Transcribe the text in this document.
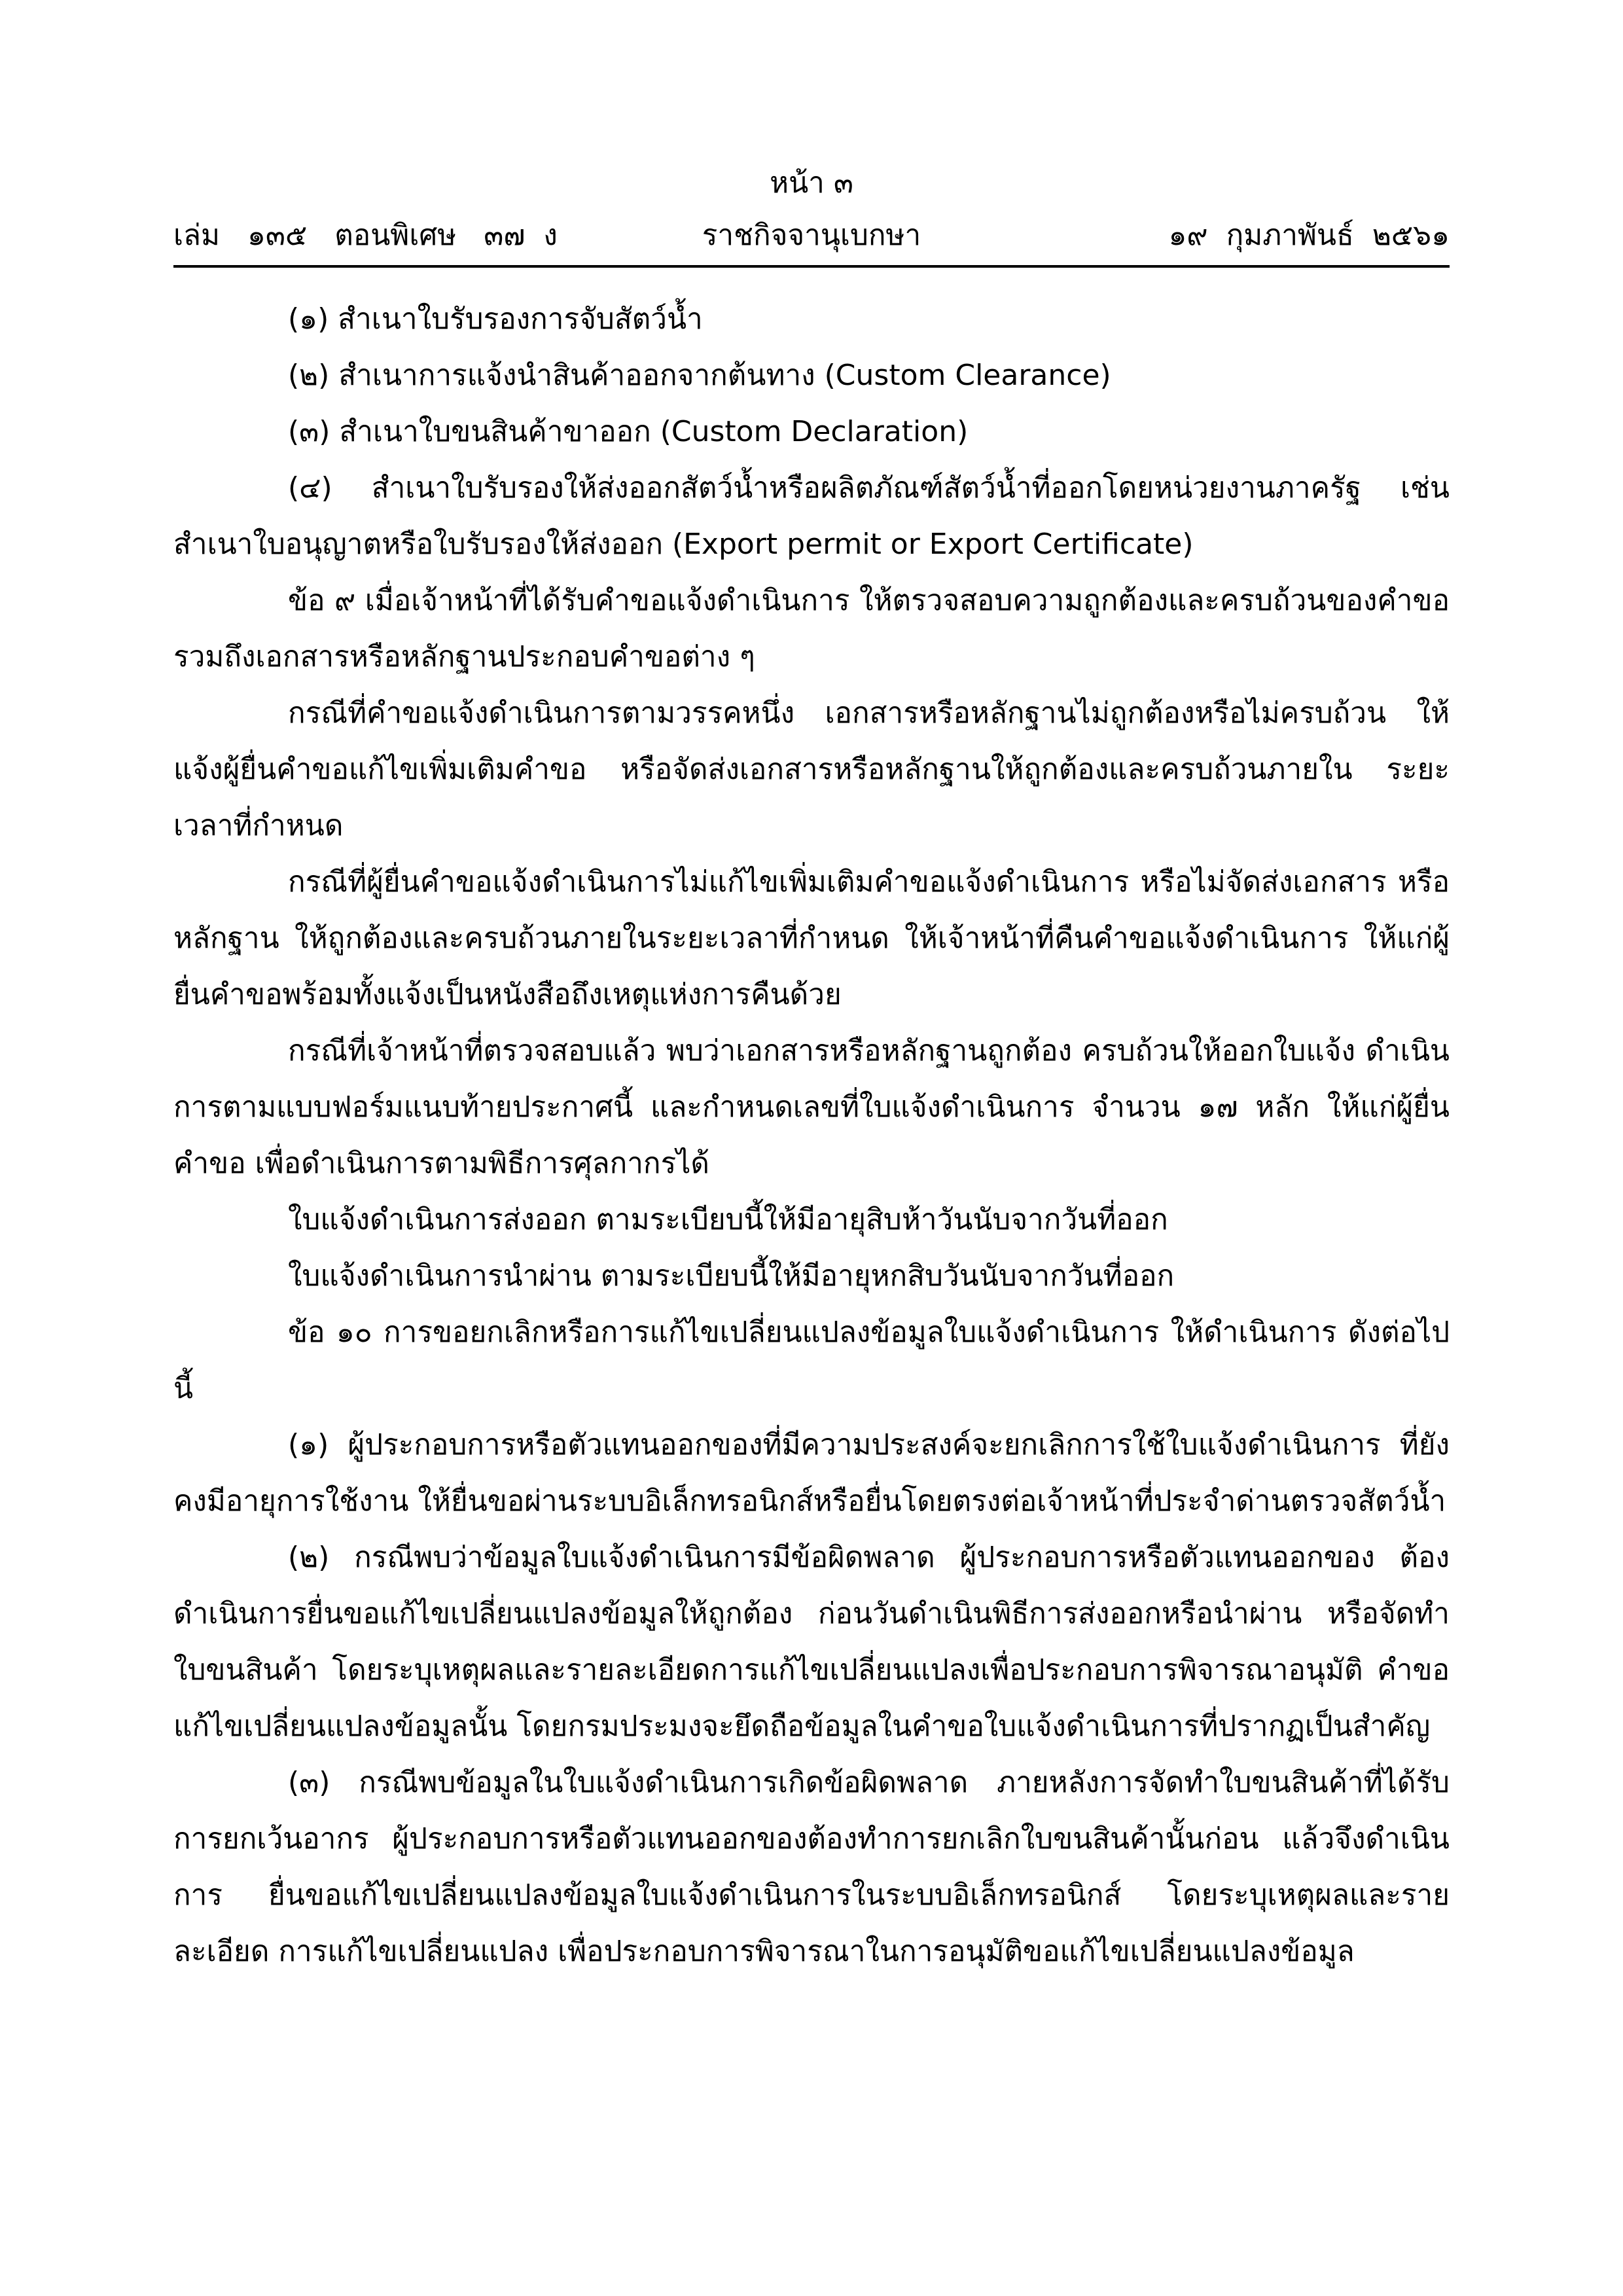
หน้า ๓
ราชกิจจานุเบกษา
เล่ม   ๑๓๕   ตอนพิเศษ   ๓๗  ง	๑๙  กุมภาพันธ์  ๒๕๖๑

(๑) สำเนาใบรับรองการจับสัตว์น้ำ

(๒) สำเนาการแจ้งนำสินค้าออกจากต้นทาง (Custom Clearance)

(๓) สำเนาใบขนสินค้าขาออก (Custom Declaration)

(๔) สำเนาใบรับรองให้ส่งออกสัตว์น้ำหรือผลิตภัณฑ์สัตว์น้ำที่ออกโดยหน่วยงานภาครัฐ เช่น สำเนาใบอนุญาตหรือใบรับรองให้ส่งออก (Export permit or Export Certificate)

ข้อ ๙ เมื่อเจ้าหน้าที่ได้รับคำขอแจ้งดำเนินการ ให้ตรวจสอบความถูกต้องและครบถ้วนของคำขอ รวมถึงเอกสารหรือหลักฐานประกอบคำขอต่าง ๆ

กรณีที่คำขอแจ้งดำเนินการตามวรรคหนึ่ง เอกสารหรือหลักฐานไม่ถูกต้องหรือไม่ครบถ้วน ให้แจ้งผู้ยื่นคำขอแก้ไขเพิ่มเติมคำขอ หรือจัดส่งเอกสารหรือหลักฐานให้ถูกต้องและครบถ้วนภายใน ระยะเวลาที่กำหนด

กรณีที่ผู้ยื่นคำขอแจ้งดำเนินการไม่แก้ไขเพิ่มเติมคำขอแจ้งดำเนินการ หรือไม่จัดส่งเอกสาร หรือหลักฐาน ให้ถูกต้องและครบถ้วนภายในระยะเวลาที่กำหนด ให้เจ้าหน้าที่คืนคำขอแจ้งดำเนินการ ให้แก่ผู้ยื่นคำขอพร้อมทั้งแจ้งเป็นหนังสือถึงเหตุแห่งการคืนด้วย

กรณีที่เจ้าหน้าที่ตรวจสอบแล้ว พบว่าเอกสารหรือหลักฐานถูกต้อง ครบถ้วนให้ออกใบแจ้ง ดำเนินการตามแบบฟอร์มแนบท้ายประกาศนี้ และกำหนดเลขที่ใบแจ้งดำเนินการ จำนวน ๑๗ หลัก ให้แก่ผู้ยื่นคำขอ เพื่อดำเนินการตามพิธีการศุลกากรได้

ใบแจ้งดำเนินการส่งออก ตามระเบียบนี้ให้มีอายุสิบห้าวันนับจากวันที่ออก

ใบแจ้งดำเนินการนำผ่าน ตามระเบียบนี้ให้มีอายุหกสิบวันนับจากวันที่ออก

ข้อ ๑๐ การขอยกเลิกหรือการแก้ไขเปลี่ยนแปลงข้อมูลใบแจ้งดำเนินการ ให้ดำเนินการ ดังต่อไปนี้

(๑) ผู้ประกอบการหรือตัวแทนออกของที่มีความประสงค์จะยกเลิกการใช้ใบแจ้งดำเนินการ ที่ยังคงมีอายุการใช้งาน ให้ยื่นขอผ่านระบบอิเล็กทรอนิกส์หรือยื่นโดยตรงต่อเจ้าหน้าที่ประจำด่านตรวจสัตว์น้ำ

(๒) กรณีพบว่าข้อมูลใบแจ้งดำเนินการมีข้อผิดพลาด ผู้ประกอบการหรือตัวแทนออกของ ต้องดำเนินการยื่นขอแก้ไขเปลี่ยนแปลงข้อมูลให้ถูกต้อง ก่อนวันดำเนินพิธีการส่งออกหรือนำผ่าน หรือจัดทำใบขนสินค้า โดยระบุเหตุผลและรายละเอียดการแก้ไขเปลี่ยนแปลงเพื่อประกอบการพิจารณาอนุมัติ คำขอแก้ไขเปลี่ยนแปลงข้อมูลนั้น โดยกรมประมงจะยึดถือข้อมูลในคำขอใบแจ้งดำเนินการที่ปรากฏเป็นสำคัญ

(๓) กรณีพบข้อมูลในใบแจ้งดำเนินการเกิดข้อผิดพลาด ภายหลังการจัดทำใบขนสินค้าที่ได้รับ การยกเว้นอากร ผู้ประกอบการหรือตัวแทนออกของต้องทำการยกเลิกใบขนสินค้านั้นก่อน แล้วจึงดำเนินการ ยื่นขอแก้ไขเปลี่ยนแปลงข้อมูลใบแจ้งดำเนินการในระบบอิเล็กทรอนิกส์ โดยระบุเหตุผลและรายละเอียด การแก้ไขเปลี่ยนแปลง เพื่อประกอบการพิจารณาในการอนุมัติขอแก้ไขเปลี่ยนแปลงข้อมูล
